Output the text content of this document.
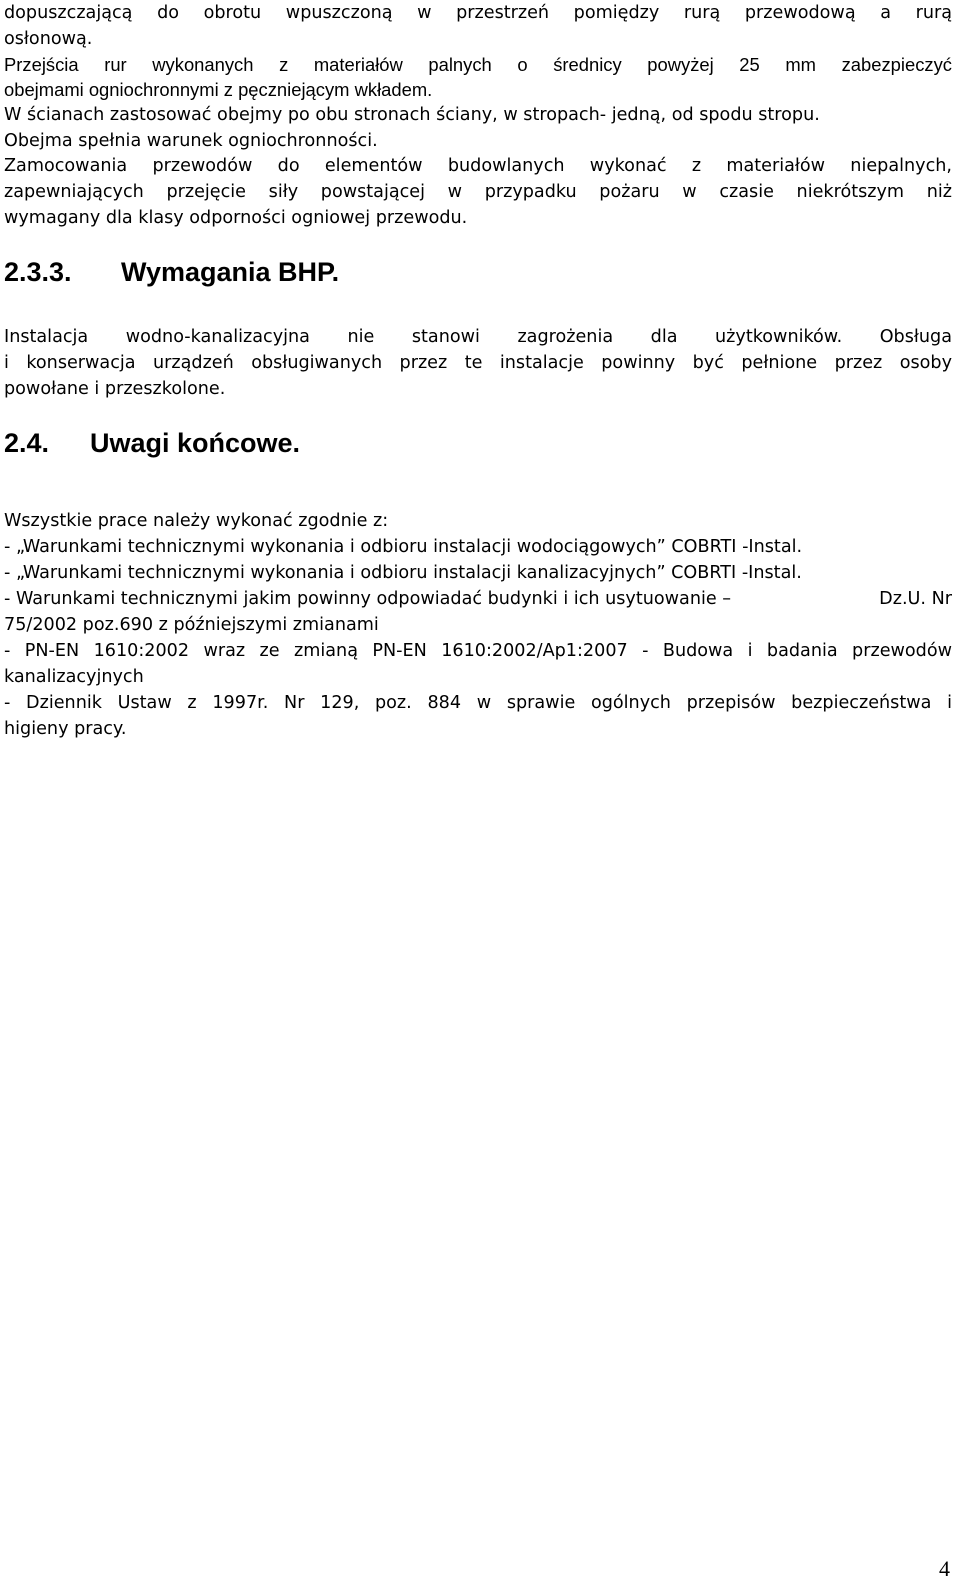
dopuszczającą do obrotu wpuszczoną w przestrzeń pomiędzy rurą przewodową a rurą
osłonową.
Przejścia rur wykonanych z materiałów palnych o średnicy powyżej 25 mm zabezpieczyć
obejmami ogniochronnymi z pęczniejącym wkładem.
W ścianach zastosować obejmy po obu stronach ściany, w stropach- jedną, od spodu stropu.
Obejma spełnia warunek ogniochronności.
Zamocowania przewodów do elementów budowlanych wykonać z materiałów niepalnych,
zapewniających przejęcie siły powstającej w przypadku pożaru w czasie niekrótszym niż
wymagany dla klasy odporności ogniowej przewodu.
2.3.3. Wymagania BHP.
Instalacja wodno-kanalizacyjna nie stanowi zagrożenia dla użytkowników. Obsługa
i konserwacja urządzeń obsługiwanych przez te instalacje powinny być pełnione przez osoby
powołane i przeszkolone.
2.4. Uwagi końcowe.
Wszystkie prace należy wykonać zgodnie z:
- „Warunkami technicznymi wykonania i odbioru instalacji wodociągowych” COBRTI -Instal.
- „Warunkami technicznymi wykonania i odbioru instalacji kanalizacyjnych” COBRTI -Instal.
- Warunkami technicznymi jakim powinny odpowiadać budynki i ich usytuowanie –	Dz.U. Nr
75/2002 poz.690 z późniejszymi zmianami
- PN-EN 1610:2002 wraz ze zmianą PN-EN 1610:2002/Ap1:2007 - Budowa i badania przewodów
kanalizacyjnych
- Dziennik Ustaw z 1997r. Nr 129, poz. 884 w sprawie ogólnych przepisów bezpieczeństwa i
higieny pracy.
4
